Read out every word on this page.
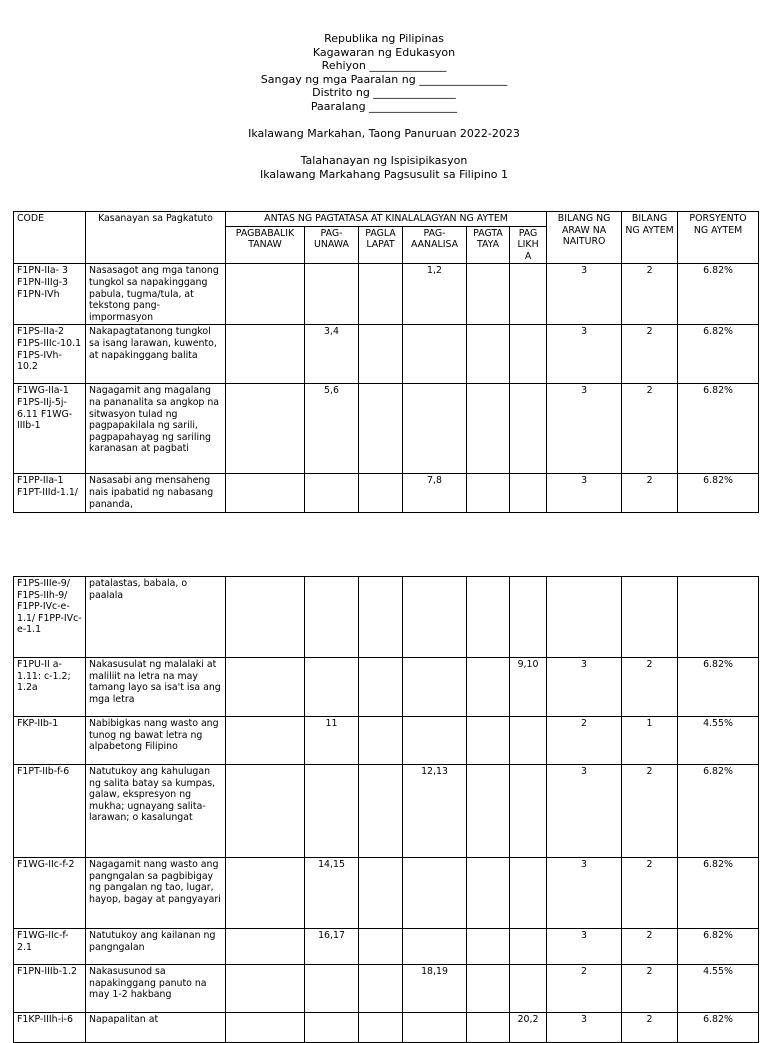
Republika ng Pilipinas
Kagawaran ng Edukasyon
Rehiyon ______________
Sangay ng mga Paaralan ng ________________
Distrito ng _______________
Paaralang ________________
Ikalawang Markahan, Taong Panuruan 2022-2023
Talahanayan ng Ispisipikasyon
Ikalawang Markahang Pagsusulit sa Filipino 1
CODE	Kasanayan sa Pagkatuto	ANTAS NG PAGTATASA AT KINALALAGYAN NG AYTEM						BILANG NG ARAW NA NAITURO	BILANG NG AYTEM	PORSYENTO NG AYTEM
		PAGBABALIK TANAW	PAG-UNAWA	PAGLA LAPAT	PAG-AANALISA	PAGTA TAYA	PAG LIKH A			
F1PN-IIa- 3 F1PN-IIIg-3 F1PN-IVh	Nasasagot ang mga tanong tungkol sa napakinggang pabula, tugma/tula, at tekstong pang-impormasyon				1,2			3	2	6.82%
F1PS-IIa-2 F1PS-IIIc-10.1 F1PS-IVh-10.2	Nakapagtatanong tungkol sa isang larawan, kuwento, at napakinggang balita		3,4					3	2	6.82%
F1WG-IIa-1 F1PS-IIj-5j-6.11 F1WG-IIIb-1	Nagagamit ang magalang na pananalita sa angkop na sitwasyon tulad ng pagpapakilala ng sarili, pagpapahayag ng sariling karanasan at pagbati		5,6					3	2	6.82%
F1PP-IIa-1 F1PT-IIId-1.1/	Nasasabi ang mensaheng nais ipabatid ng nabasang pananda,				7,8			3	2	6.82%
F1PS-IIIe-9/ F1PS-IIh-9/ F1PP-IVc-e-1.1/ F1PP-IVc-e-1.1	patalastas, babala, o paalala									
F1PU-II a-1.11: c-1.2; 1.2a	Nakasusulat ng malalaki at maliliit na letra na may tamang layo sa isa't isa ang mga letra						9,10	3	2	6.82%
FKP-IIb-1	Nabibigkas nang wasto ang tunog ng bawat letra ng alpabetong Filipino		11					2	1	4.55%
F1PT-IIb-f-6	Natutukoy ang kahulugan ng salita batay sa kumpas, galaw, ekspresyon ng mukha; ugnayang salita-larawan; o kasalungat				12,13			3	2	6.82%
F1WG-IIc-f-2	Nagagamit nang wasto ang pangngalan sa pagbibigay ng pangalan ng tao, lugar, hayop, bagay at pangyayari		14,15					3	2	6.82%
F1WG-IIc-f-2.1	Natutukoy ang kailanan ng pangngalan		16,17					3	2	6.82%
F1PN-IIIb-1.2	Nakasusunod sa napakinggang panuto na may 1-2 hakbang				18,19			2	2	4.55%
F1KP-IIIh-i-6	Napapalitan at						20,2	3	2	6.82%
